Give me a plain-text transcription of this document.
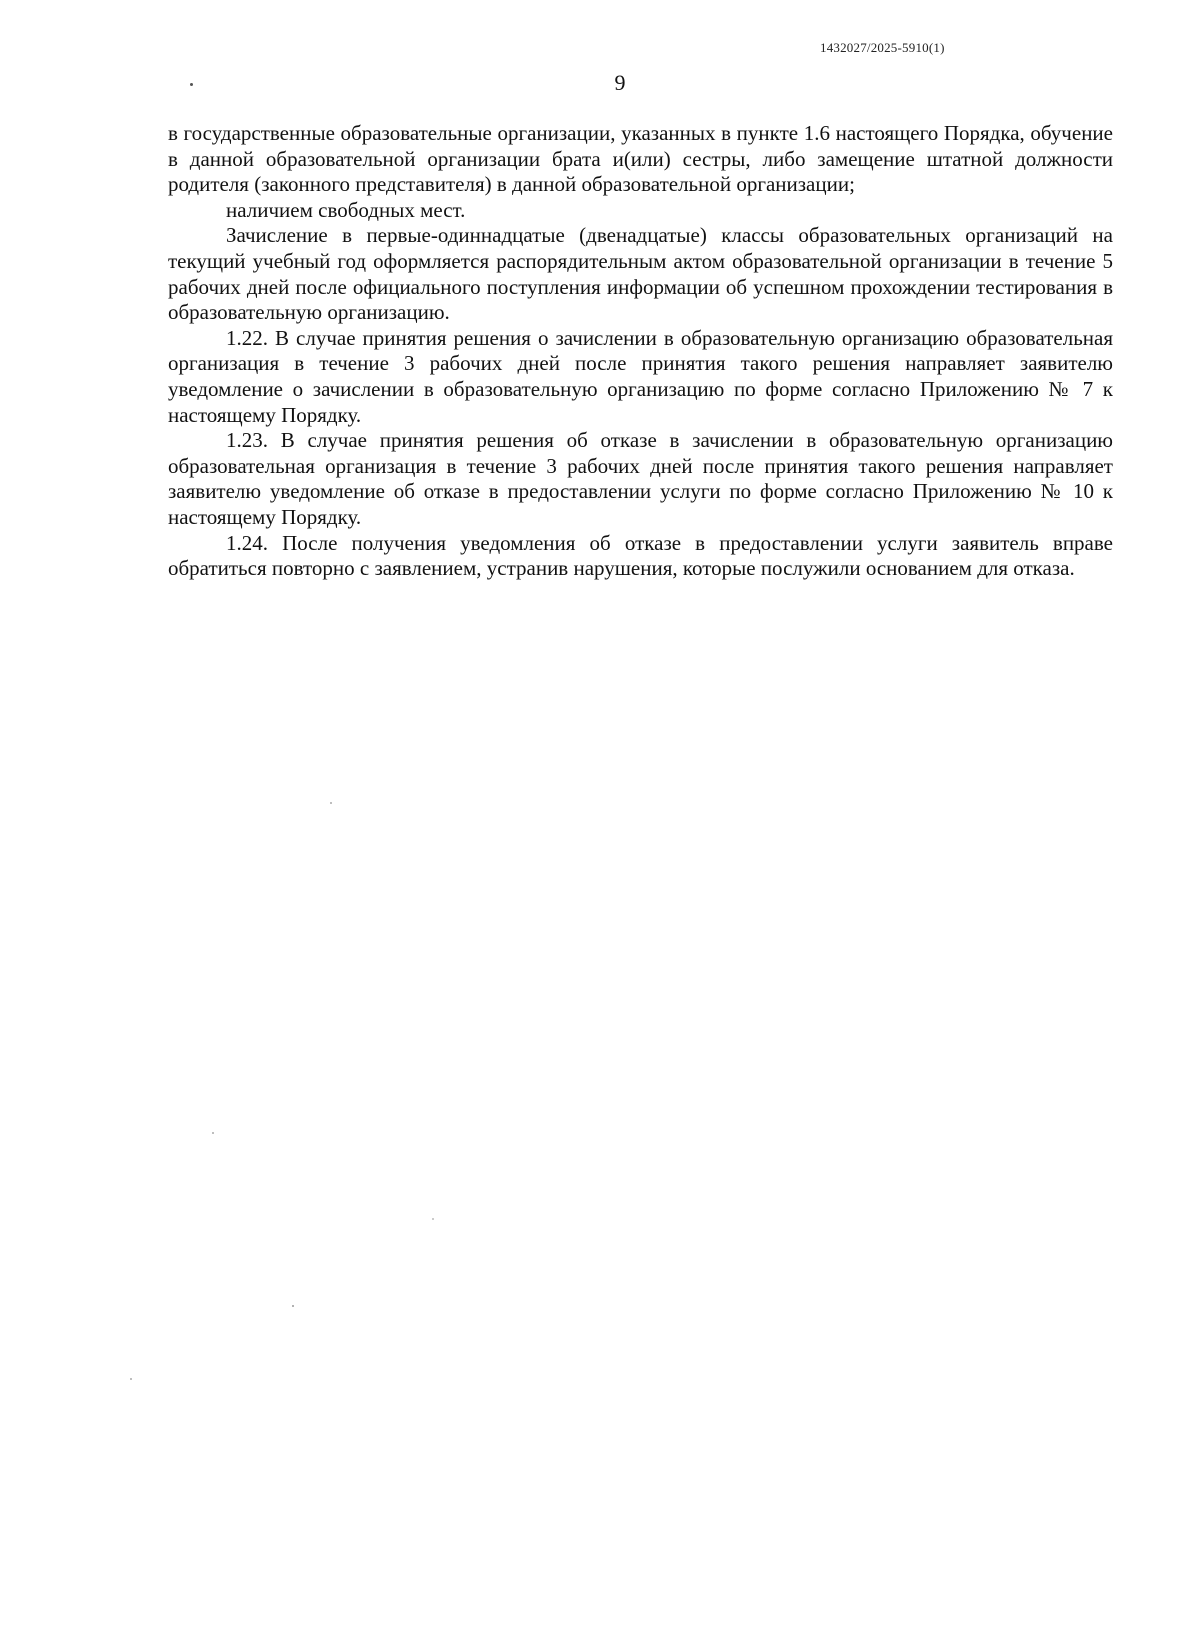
1432027/2025-5910(1)
9

в государственные образовательные организации, указанных в пункте 1.6 настоящего Порядка, обучение в данной образовательной организации брата и(или) сестры, либо замещение штатной должности родителя (законного представителя) в данной образовательной организации;

наличием свободных мест.

Зачисление в первые-одиннадцатые (двенадцатые) классы образовательных организаций на текущий учебный год оформляется распорядительным актом образовательной организации в течение 5 рабочих дней после официального поступления информации об успешном прохождении тестирования в образовательную организацию.

1.22. В случае принятия решения о зачислении в образовательную организацию образовательная организация в течение 3 рабочих дней после принятия такого решения направляет заявителю уведомление о зачислении в образовательную организацию по форме согласно Приложению № 7 к настоящему Порядку.

1.23. В случае принятия решения об отказе в зачислении в образовательную организацию образовательная организация в течение 3 рабочих дней после принятия такого решения направляет заявителю уведомление об отказе в предоставлении услуги по форме согласно Приложению № 10 к настоящему Порядку.

1.24. После получения уведомления об отказе в предоставлении услуги заявитель вправе обратиться повторно с заявлением, устранив нарушения, которые послужили основанием для отказа.
